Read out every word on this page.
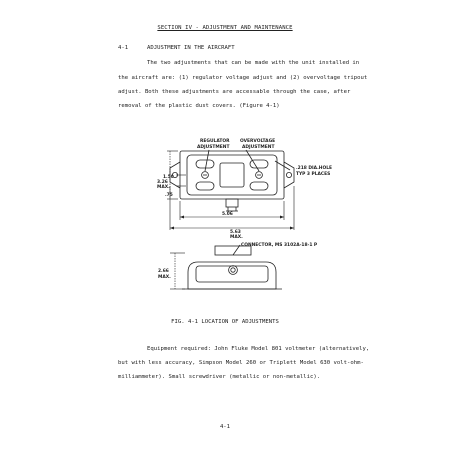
SECTION IV - ADJUSTMENT AND MAINTENANCE
4-1	ADJUSTMENT IN THE AIRCRAFT
The two adjustments that can be made with the unit installed in
the aircraft are: (1) regulator voltage adjust and (2) overvoltage tripout
adjust. Both these adjustments are accessable through the case, after
removal of the plastic dust covers. (Figure 4-1)
REGULATOR
ADJUSTMENT
OVERVOLTAGE
ADJUSTMENT
.218 DIA.HOLE
TYP 3 PLACES
3.26
MAX.
1.50
.75
5.06
5.63
MAX.
CONNECTOR, MS 3102A-18-1 P
2.66
MAX.
FIG. 4-1 LOCATION OF ADJUSTMENTS
Equipment required: John Fluke Model 801 voltmeter (alternatively,
but with less accuracy, Simpson Model 260 or Triplett Model 630 volt-ohm-
milliammeter). Small screwdriver (metallic or non-metallic).
4-1
